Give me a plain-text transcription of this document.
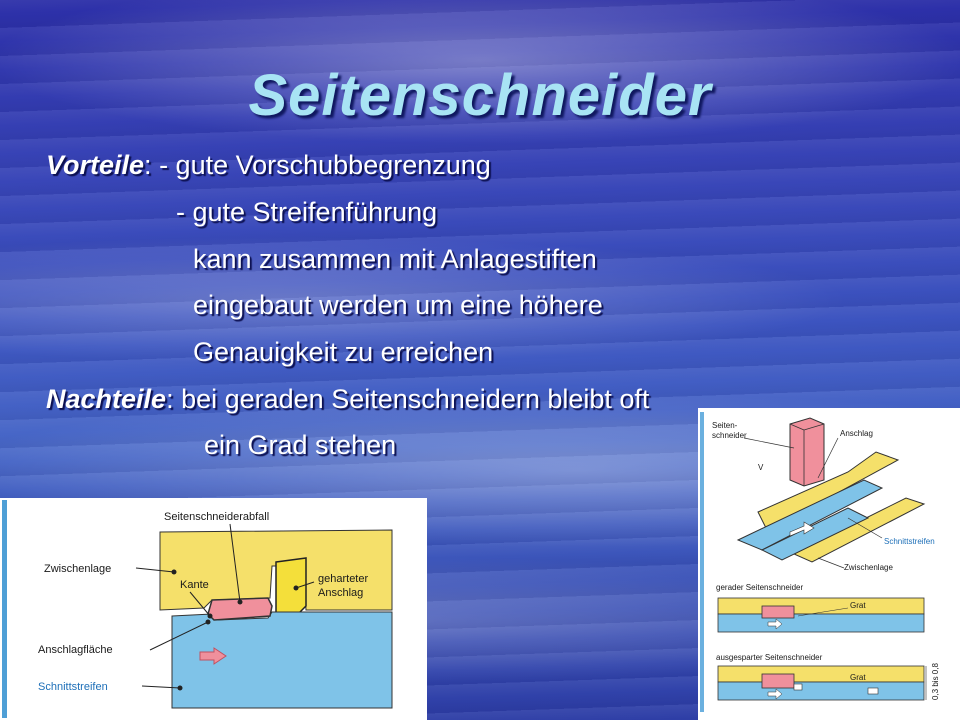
Seitenschneider
Vorteile: - gute Vorschubbegrenzung
- gute Streifenführung
kann zusammen mit Anlagestiften
eingebaut werden um eine höhere
Genauigkeit zu erreichen
Nachteile: bei geraden Seitenschneidern bleibt oft
ein Grad stehen
Seitenschneiderabfall
Zwischenlage
Kante	geharteter
Anschlag
Anschlagfläche
Schnittstreifen
Seiten-
schneider	Anschlag
V
Schnittstreifen
Zwischenlage
gerader Seitenschneider
Grat
ausgesparter Seitenschneider
Grat	0,3 bis 0,8
